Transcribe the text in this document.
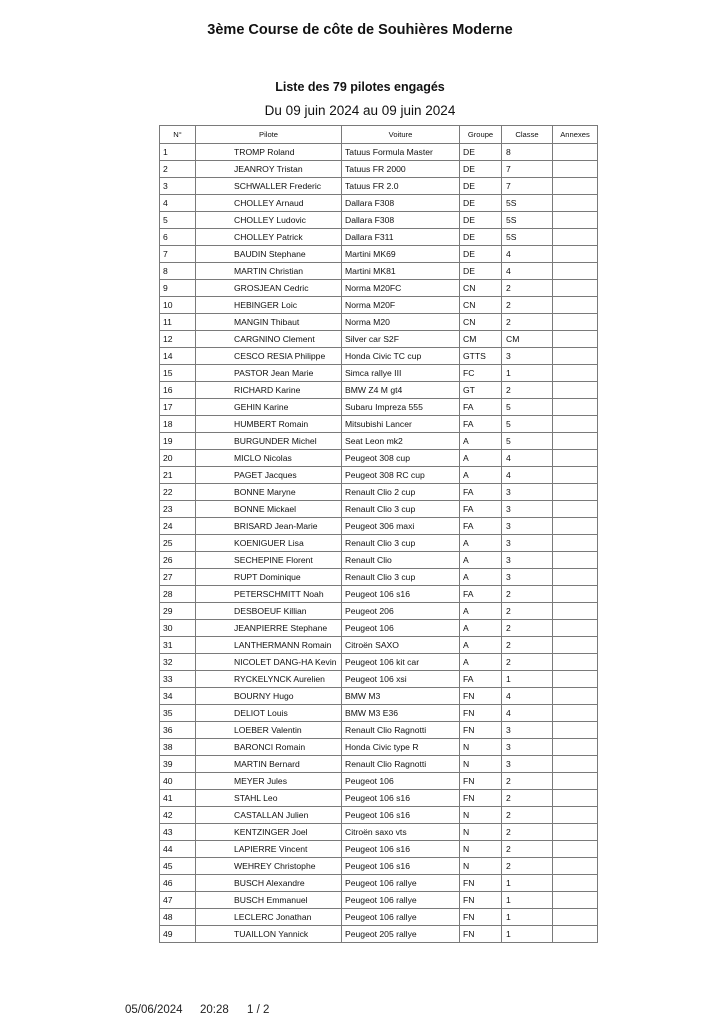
3ème Course de côte de Souhières Moderne
Liste des 79 pilotes engagés
Du 09 juin 2024 au 09 juin 2024
N°	Pilote	Voiture	Groupe	Classe	Annexes
1	TROMP Roland	Tatuus Formula Master	DE	8	
2	JEANROY Tristan	Tatuus FR 2000	DE	7	
3	SCHWALLER Frederic	Tatuus FR 2.0	DE	7	
4	CHOLLEY Arnaud	Dallara F308	DE	5S	
5	CHOLLEY Ludovic	Dallara F308	DE	5S	
6	CHOLLEY Patrick	Dallara F311	DE	5S	
7	BAUDIN Stephane	Martini MK69	DE	4	
8	MARTIN Christian	Martini MK81	DE	4	
9	GROSJEAN Cedric	Norma M20FC	CN	2	
10	HEBINGER Loic	Norma M20F	CN	2	
11	MANGIN Thibaut	Norma M20	CN	2	
12	CARGNINO Clement	Silver car S2F	CM	CM	
14	CESCO RESIA Philippe	Honda Civic TC cup	GTTS	3	
15	PASTOR Jean Marie	Simca rallye III	FC	1	
16	RICHARD Karine	BMW Z4 M gt4	GT	2	
17	GEHIN Karine	Subaru Impreza 555	FA	5	
18	HUMBERT Romain	Mitsubishi Lancer	FA	5	
19	BURGUNDER Michel	Seat Leon mk2	A	5	
20	MICLO Nicolas	Peugeot 308 cup	A	4	
21	PAGET Jacques	Peugeot 308 RC cup	A	4	
22	BONNE Maryne	Renault Clio 2 cup	FA	3	
23	BONNE Mickael	Renault Clio 3 cup	FA	3	
24	BRISARD Jean-Marie	Peugeot 306 maxi	FA	3	
25	KOENIGUER Lisa	Renault Clio 3 cup	A	3	
26	SECHEPINE Florent	Renault Clio	A	3	
27	RUPT Dominique	Renault Clio 3 cup	A	3	
28	PETERSCHMITT Noah	Peugeot 106 s16	FA	2	
29	DESBOEUF Killian	Peugeot 206	A	2	
30	JEANPIERRE Stephane	Peugeot 106	A	2	
31	LANTHERMANN Romain	Citroën SAXO	A	2	
32	NICOLET DANG-HA Kevin	Peugeot 106 kit car	A	2	
33	RYCKELYNCK Aurelien	Peugeot 106 xsi	FA	1	
34	BOURNY Hugo	BMW M3	FN	4	
35	DELIOT Louis	BMW M3 E36	FN	4	
36	LOEBER Valentin	Renault Clio Ragnotti	FN	3	
38	BARONCI Romain	Honda Civic type R	N	3	
39	MARTIN Bernard	Renault Clio Ragnotti	N	3	
40	MEYER Jules	Peugeot 106	FN	2	
41	STAHL Leo	Peugeot 106 s16	FN	2	
42	CASTALLAN Julien	Peugeot 106 s16	N	2	
43	KENTZINGER Joel	Citroën saxo vts	N	2	
44	LAPIERRE Vincent	Peugeot 106 s16	N	2	
45	WEHREY Christophe	Peugeot 106 s16	N	2	
46	BUSCH Alexandre	Peugeot 106 rallye	FN	1	
47	BUSCH Emmanuel	Peugeot 106 rallye	FN	1	
48	LECLERC Jonathan	Peugeot 106 rallye	FN	1	
49	TUAILLON Yannick	Peugeot 205 rallye	FN	1	
05/06/2024 20:28 1 / 2
